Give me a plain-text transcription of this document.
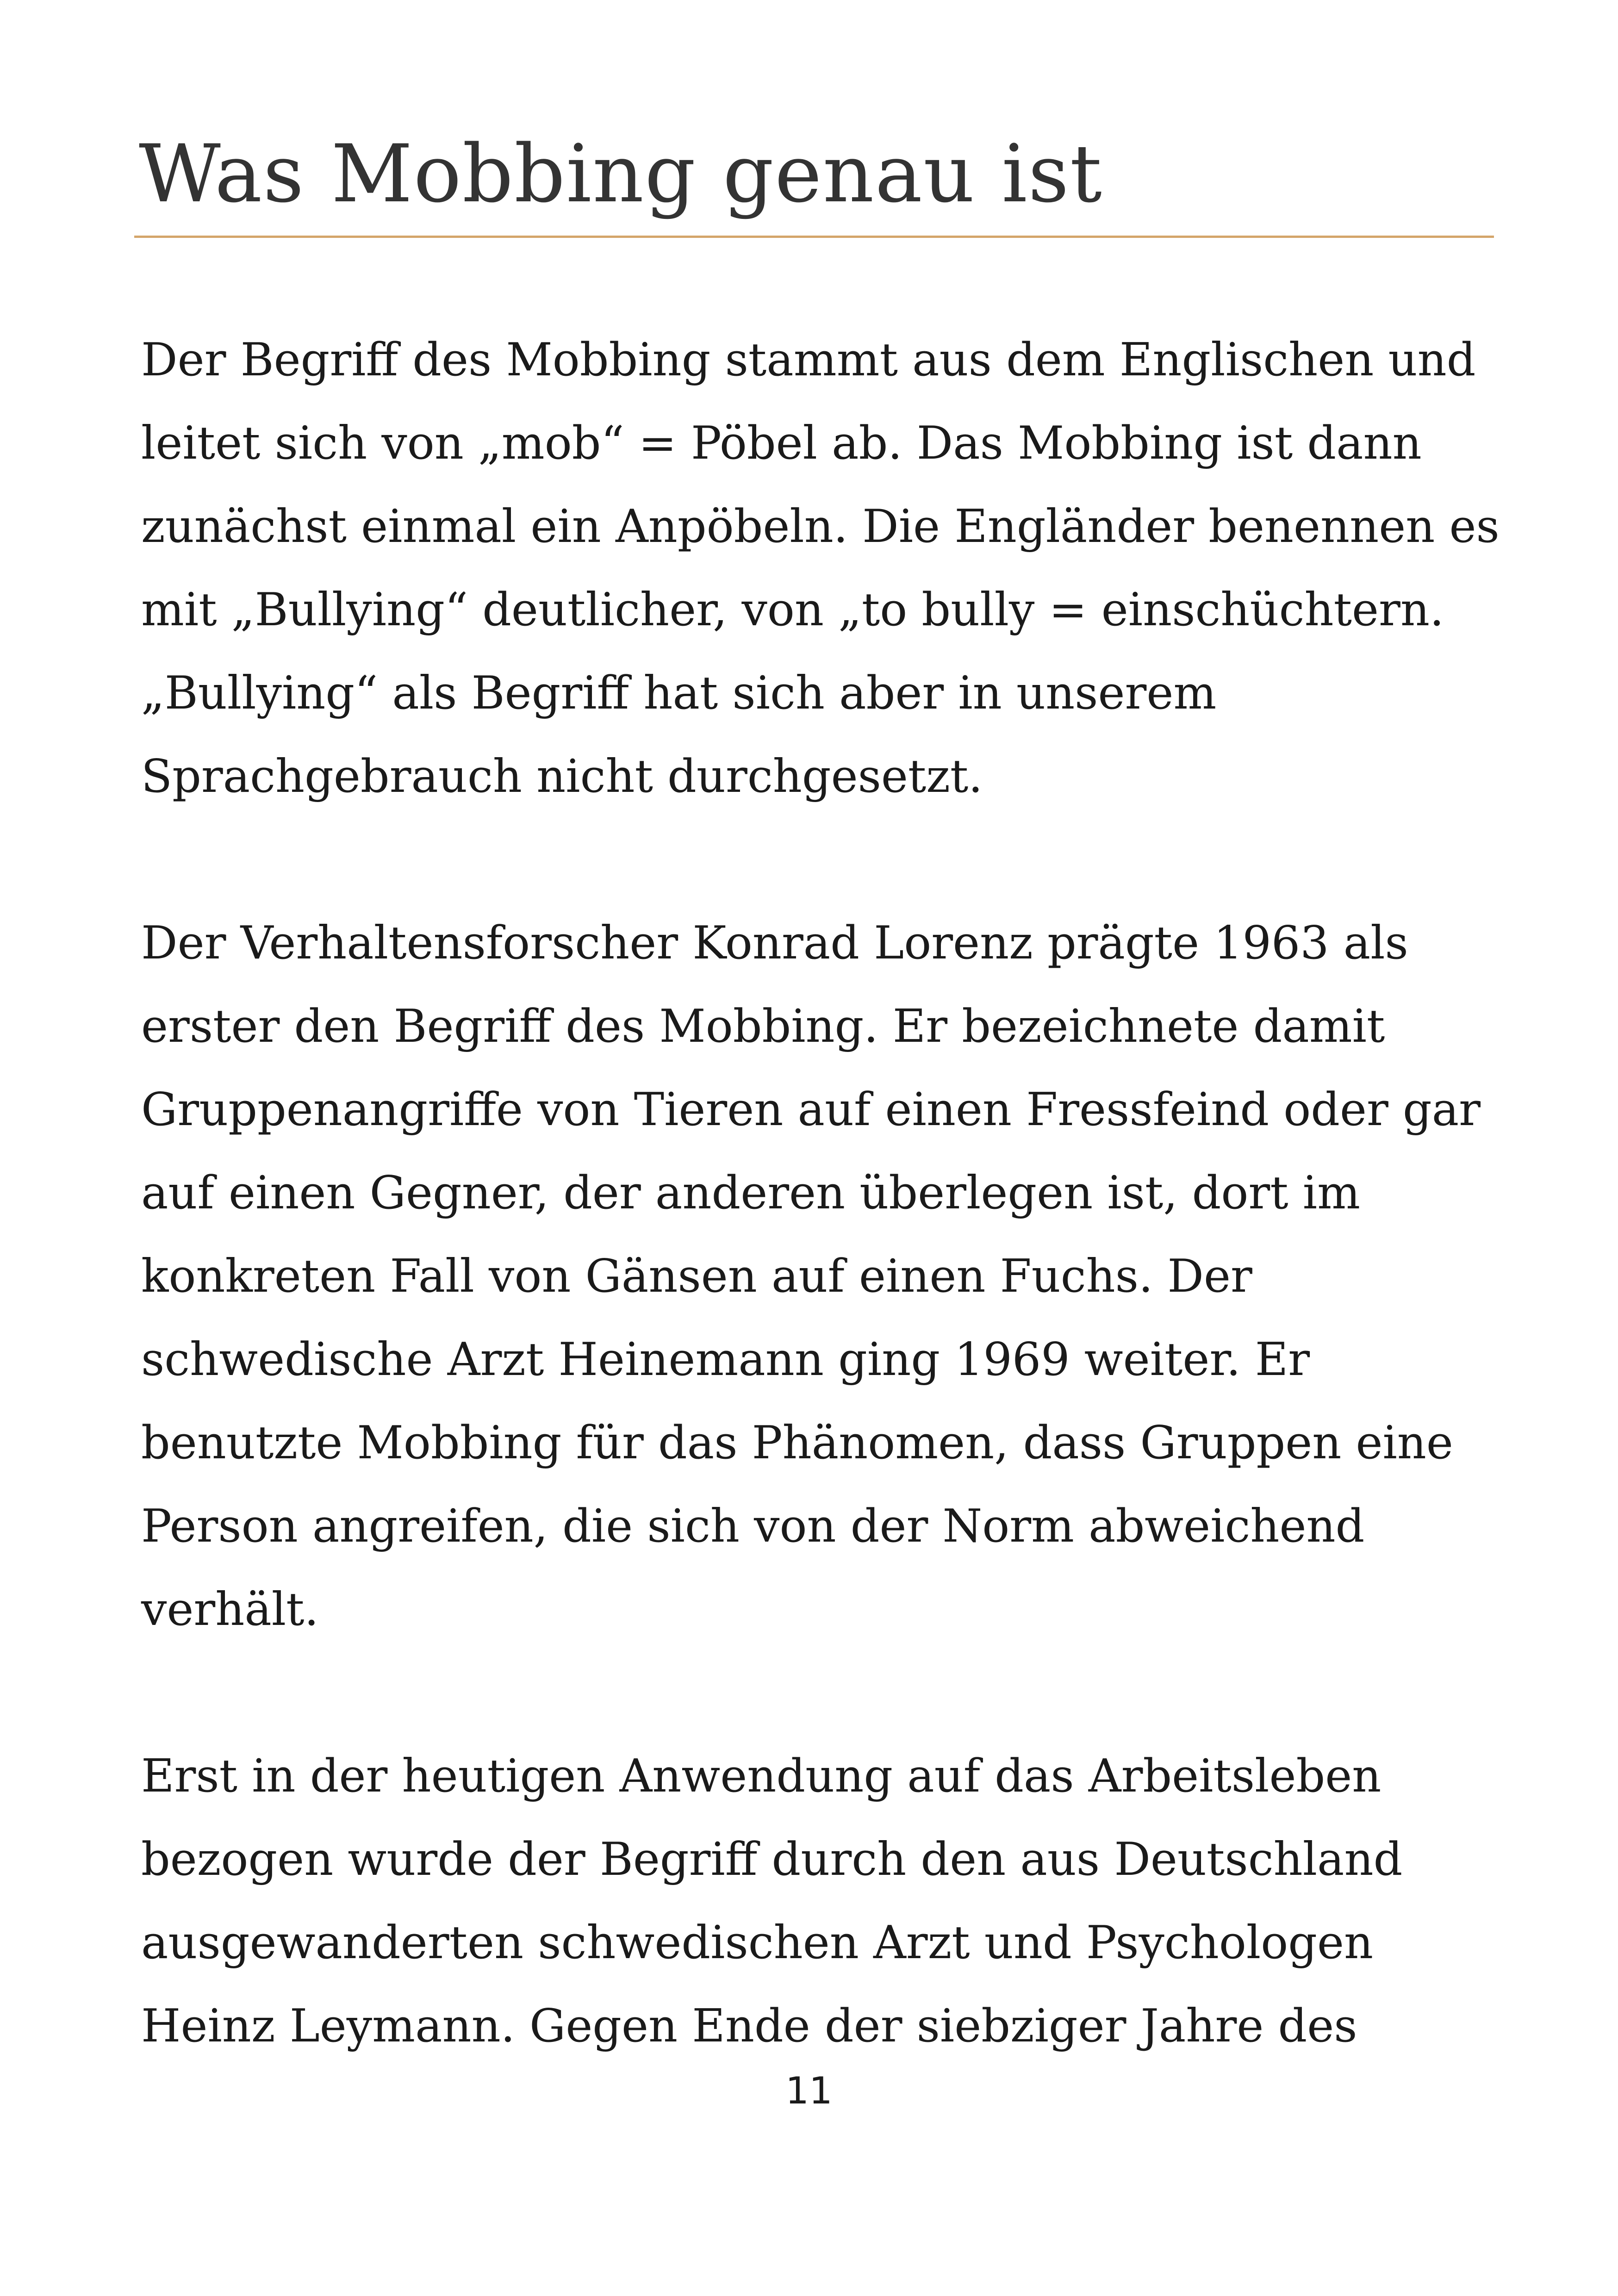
Was Mobbing genau ist

Der Begriff des Mobbing stammt aus dem Englischen und
leitet sich von „mob“ = Pöbel ab. Das Mobbing ist dann
zunächst einmal ein Anpöbeln. Die Engländer benennen es
mit „Bullying“ deutlicher, von „to bully = einschüchtern.
„Bullying“ als Begriff hat sich aber in unserem
Sprachgebrauch nicht durchgesetzt.

Der Verhaltensforscher Konrad Lorenz prägte 1963 als
erster den Begriff des Mobbing. Er bezeichnete damit
Gruppenangriffe von Tieren auf einen Fressfeind oder gar
auf einen Gegner, der anderen überlegen ist, dort im
konkreten Fall von Gänsen auf einen Fuchs. Der
schwedische Arzt Heinemann ging 1969 weiter. Er
benutzte Mobbing für das Phänomen, dass Gruppen eine
Person angreifen, die sich von der Norm abweichend
verhält.

Erst in der heutigen Anwendung auf das Arbeitsleben
bezogen wurde der Begriff durch den aus Deutschland
ausgewanderten schwedischen Arzt und Psychologen
Heinz Leymann. Gegen Ende der siebziger Jahre des

11
